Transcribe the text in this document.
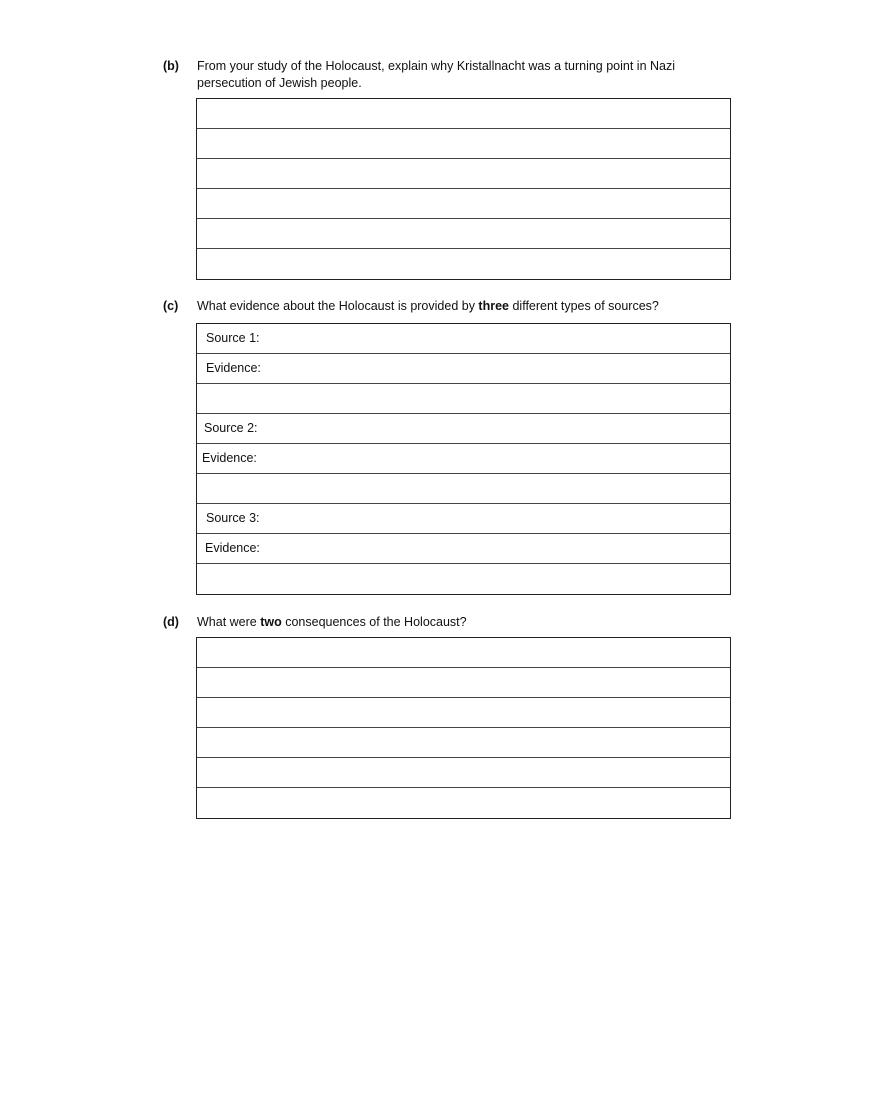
(b) From your study of the Holocaust, explain why Kristallnacht was a turning point in Nazi
persecution of Jewish people.
(c) What evidence about the Holocaust is provided by three different types of sources?
Source 1:
Evidence:
Source 2:
Evidence:
Source 3:
Evidence:
(d) What were two consequences of the Holocaust?
